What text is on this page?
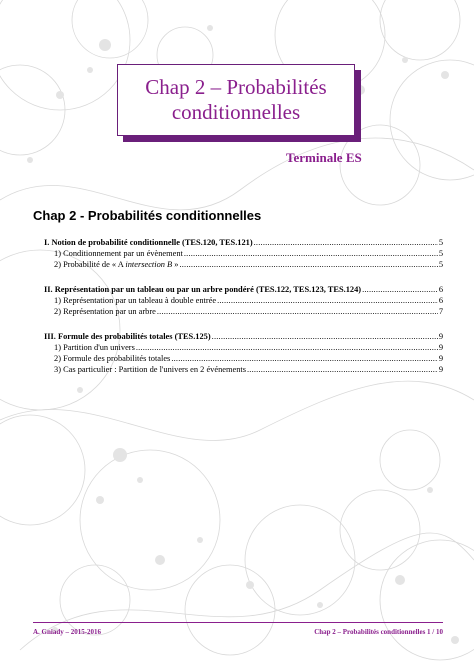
Chap 2 – Probabilités
conditionnelles
Terminale ES
Chap 2 - Probabilités conditionnelles
I. Notion de probabilité conditionnelle (TES.120, TES.121) .....	5
1) Conditionnement par un évènement .....	5
2) Probabilité de « A intersection B » .....	5
II. Représentation par un tableau ou par un arbre pondéré (TES.122, TES.123, TES.124) .....	6
1) Représentation par un tableau à double entrée .....	6
2) Représentation par un arbre .....	7
III. Formule des probabilités totales (TES.125) .....	9
1) Partition d'un univers .....	9
2) Formule des probabilités totales .....	9
3) Cas particulier : Partition de l'univers en 2 événements .....	9
A. Gniady – 2015-2016	Chap 2 – Probabilités conditionnelles 1 / 10
